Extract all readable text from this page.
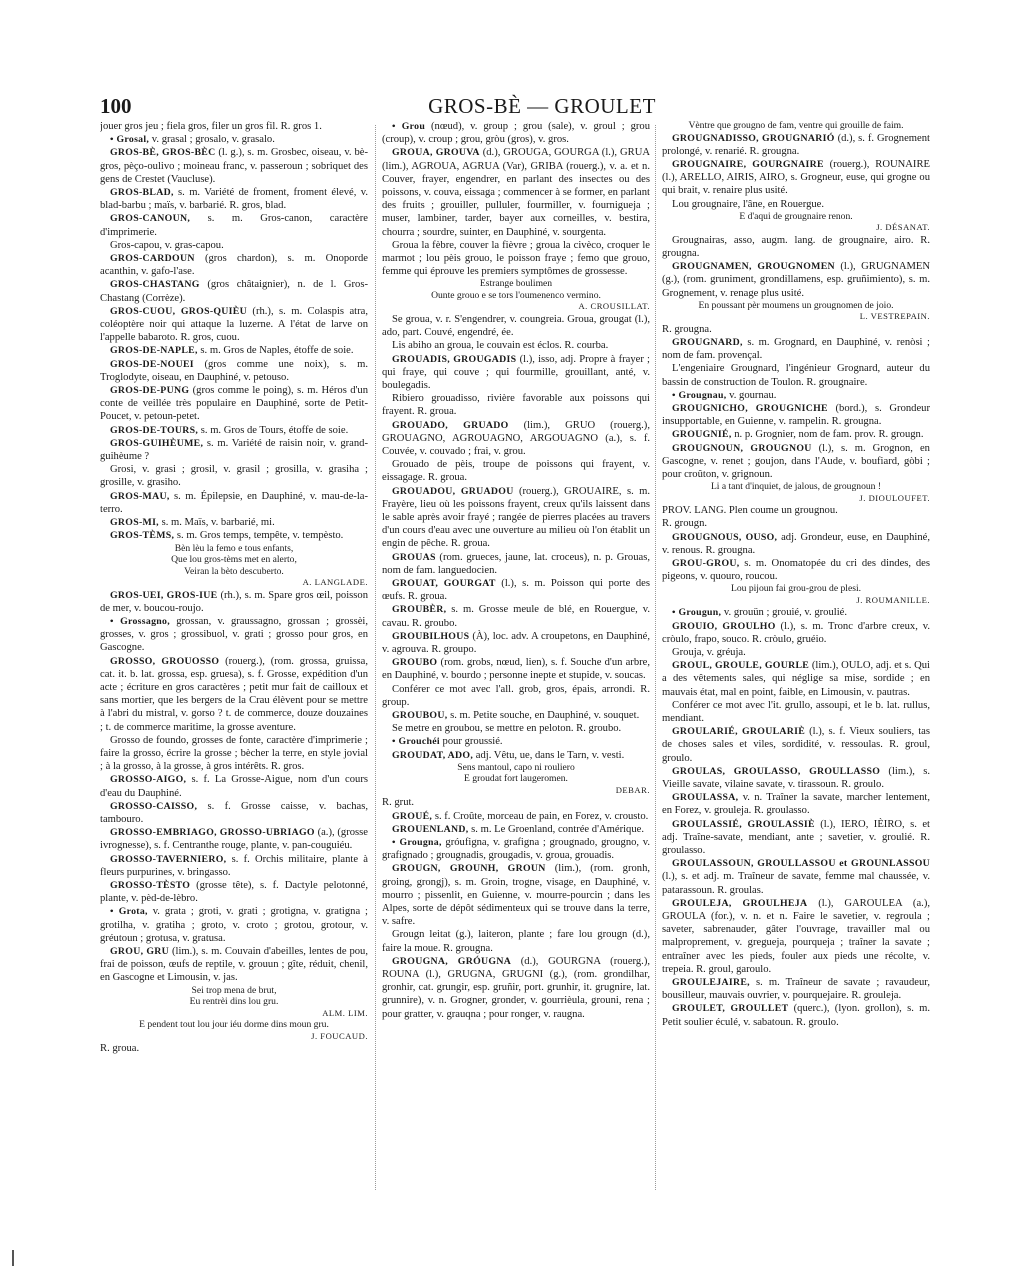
100	GROS-BÈ — GROULET

jouer gros jeu ; fiela gros, filer un gros fil. R. gros 1.

• Grosal, v. grasal ; grosalo, v. grasalo.

GROS-BÈ, GROS-BÈC (l. g.), s. m. Grosbec, oiseau, v. bè-gros, pèço-oulivo ; moineau franc, v. passeroun ; sobriquet des gens de Crestet (Vaucluse).

GROS-BLAD, s. m. Variété de froment, froment élevé, v. blad-barbu ; maïs, v. barbarié. R. gros, blad.

GROS-CANOUN, s. m. Gros-canon, caractère d'imprimerie.

Gros-capou, v. gras-capou.

GROS-CARDOUN (gros chardon), s. m. Onoporde acanthin, v. gafo-l'ase.

GROS-CHASTANG (gros châtaignier), n. de l. Gros-Chastang (Corrèze).

GROS-CUOU, GROS-QUIÈU (rh.), s. m. Colaspis atra, coléoptère noir qui attaque la luzerne. A l'état de larve on l'appelle babaroto. R. gros, cuou.

GROS-DE-NAPLE, s. m. Gros de Naples, étoffe de soie.

GROS-DE-NOUEI (gros comme une noix), s. m. Troglodyte, oiseau, en Dauphiné, v. petouso.

GROS-DE-PUNG (gros comme le poing), s. m. Héros d'un conte de veillée très populaire en Dauphiné, sorte de Petit-Poucet, v. petoun-petet.

GROS-DE-TOURS, s. m. Gros de Tours, étoffe de soie.

GROS-GUIHÈUME, s. m. Variété de raisin noir, v. grand-guihèume ?

Grosi, v. grasi ; grosil, v. grasil ; grosilla, v. grasiha ; grosille, v. grasiho.

GROS-MAU, s. m. Épilepsie, en Dauphiné, v. mau-de-la-terro.

GROS-MI, s. m. Maïs, v. barbarié, mi.

GROS-TÈMS, s. m. Gros temps, tempête, v. tempèsto.

Bèn lèu la femo e tous enfants,

Que lou gros-tèms met en alerto,

Veiran la bèto descuberto.

A. LANGLADE.

GROS-UEI, GROS-IUE (rh.), s. m. Spare gros œil, poisson de mer, v. boucou-roujo.

• Grossagno, grossan, v. graussagno, grossan ; grossèi, grosses, v. gros ; grossibuol, v. grati ; grosso pour gros, en Gascogne.

GROSSO, GROUOSSO (rouerg.), (rom. grossa, gruissa, cat. it. b. lat. grossa, esp. gruesa), s. f. Grosse, expédition d'un acte ; écriture en gros caractères ; petit mur fait de cailloux et sans mortier, que les bergers de la Crau élèvent pour se mettre à l'abri du mistral, v. gorso ? t. de commerce, douze douzaines ; t. de commerce maritime, la grosse aventure.

Grosso de foundo, grosses de fonte, caractère d'imprimerie ; faire la grosso, écrire la grosse ; bècher la terre, en style jovial ; à la grosso, à la grosse, à gros intérêts. R. gros.

GROSSO-AIGO, s. f. La Grosse-Aigue, nom d'un cours d'eau du Dauphiné.

GROSSO-CAISSO, s. f. Grosse caisse, v. bachas, tambouro.

GROSSO-EMBRIAGO, GROSSO-UBRIAGO (a.), (grosse ivrognesse), s. f. Centranthe rouge, plante, v. pan-couguiéu.

GROSSO-TAVERNIERO, s. f. Orchis militaire, plante à fleurs purpurines, v. bringasso.

GROSSO-TÈSTO (grosse tête), s. f. Dactyle pelotonné, plante, v. pèd-de-lèbro.

• Grota, v. grata ; groti, v. grati ; grotigna, v. gratigna ; grotilha, v. gratiha ; groto, v. croto ; grotou, grotour, v. gréutoun ; grotusa, v. gratusa.

GROU, GRU (lim.), s. m. Couvain d'abeilles, lentes de pou, frai de poisson, œufs de reptile, v. grouun ; gîte, réduit, chenil, en Gascogne et Limousin, v. jas.

Sei trop mena de brut,

Eu rentrèi dins lou gru.

ALM. LIM.

E pendent tout lou jour iéu dorme dins moun gru.

J. FOUCAUD.

R. groua.

• Grou (nœud), v. group ; grou (sale), v. groul ; grou (croup), v. croup ; grou, gròu (gros), v. gros.

GROUA, GROUVA (d.), GROUGA, GOURGA (l.), GRUA (lim.), AGROUA, AGRUA (Var), GRIBA (rouerg.), v. a. et n. Couver, frayer, engendrer, en parlant des insectes ou des poissons, v. couva, eissaga ; commencer à se former, en parlant des fruits ; grouiller, pulluler, fourmiller, v. fournigueja ; muser, lambiner, tarder, bayer aux corneilles, v. bestira, chourra ; sourdre, suinter, en Dauphiné, v. sourgenta.

Groua la fèbre, couver la fièvre ; groua la civèco, croquer le marmot ; lou pèis grouo, le poisson fraye ; femo que grouo, femme qui éprouve les premiers symptômes de grossesse.

Estrange boulimen

Ounte grouo e se tors l'oumenenco vermino.

A. CROUSILLAT.

Se groua, v. r. S'engendrer, v. coungreia. Groua, grougat (l.), ado, part. Couvé, engendré, ée.

Lis abiho an groua, le couvain est éclos. R. courba.

GROUADIS, GROUGADIS (l.), isso, adj. Propre à frayer ; qui fraye, qui couve ; qui fourmille, grouillant, anté, v. boulegadis.

Ribiero grouadisso, rivière favorable aux poissons qui frayent. R. groua.

GROUADO, GRUADO (lim.), GRUO (rouerg.), GROUAGNO, AGROUAGNO, ARGOUAGNO (a.), s. f. Couvée, v. couvado ; frai, v. grou.

Grouado de pèis, troupe de poissons qui frayent, v. eissagage. R. groua.

GROUADOU, GRUADOU (rouerg.), GROUAIRE, s. m. Frayère, lieu où les poissons frayent, creux qu'ils laissent dans le sable après avoir frayé ; rangée de pierres placées au travers d'un cours d'eau avec une ouverture au milieu où l'on établit un engin de pêche. R. groua.

GROUAS (rom. grueces, jaune, lat. croceus), n. p. Grouas, nom de fam. languedocien.

GROUAT, GOURGAT (l.), s. m. Poisson qui porte des œufs. R. groua.

GROUBÈR, s. m. Grosse meule de blé, en Rouergue, v. cavau. R. groubo.

GROUBILHOUS (À), loc. adv. A croupetons, en Dauphiné, v. agrouva. R. groupo.

GROUBO (rom. grobs, nœud, lien), s. f. Souche d'un arbre, en Dauphiné, v. bourdo ; personne inepte et stupide, v. soucas.

Conférer ce mot avec l'all. grob, gros, épais, arrondi. R. group.

GROUBOU, s. m. Petite souche, en Dauphiné, v. souquet.

Se metre en groubou, se mettre en peloton. R. groubo.

• Grouchéi pour groussié.

GROUDAT, ADO, adj. Vêtu, ue, dans le Tarn, v. vesti.

Sens mantoul, capo ni rouliero

E groudat fort laugeromen.

DEBAR.

R. grut.

GROUÉ, s. f. Croûte, morceau de pain, en Forez, v. crousto.

GROUENLAND, s. m. Le Groenland, contrée d'Amérique.

• Grougna, gróufigna, v. grafigna ; grougnado, grougno, v. grafignado ; grougnadis, grougadis, v. groua, grouadis.

GROUGN, GROUNH, GROUN (lim.), (rom. gronh, groing, grongj), s. m. Groin, trogne, visage, en Dauphiné, v. mourro ; pissenlit, en Guienne, v. mourre-pourcin ; dans les Alpes, sorte de dépôt sédimenteux qui se trouve dans la terre, v. safre.

Grougn leitat (g.), laiteron, plante ; fare lou grougn (d.), faire la moue. R. grougna.

GROUGNA, GRÓUGNA (d.), GOURGNA (rouerg.), ROUNA (l.), GRUGNA, GRUGNI (g.), (rom. grondilhar, gronhir, cat. grungir, esp. gruñir, port. grunhir, it. grugnire, lat. grunnire), v. n. Grogner, gronder, v. gourrièula, grouni, rena ; pour gratter, v. grauqna ; pour ronger, v. raugna.

Vèntre que grougno de fam, ventre qui grouille de faim.

GROUGNADISSO, GROUGNARIÓ (d.), s. f. Grognement prolongé, v. renarié. R. grougna.

GROUGNAIRE, GOURGNAIRE (rouerg.), ROUNAIRE (l.), ARELLO, AIRIS, AIRO, s. Grogneur, euse, qui grogne ou qui brait, v. renaire plus usité.

Lou grougnaire, l'âne, en Rouergue.

E d'aqui de grougnaire renon.

J. DÉSANAT.

Grougnairas, asso, augm. lang. de grougnaire, airo. R. grougna.

GROUGNAMEN, GROUGNOMEN (l.), GRUGNAMEN (g.), (rom. gruniment, grondillamens, esp. gruñimiento), s. m. Grognement, v. renage plus usité.

En poussant pèr moumens un grougnomen de joio.

L. VESTREPAIN.

R. grougna.

GROUGNARD, s. m. Grognard, en Dauphiné, v. renòsi ; nom de fam. provençal.

L'engeniaire Grougnard, l'ingénieur Grognard, auteur du bassin de construction de Toulon. R. grougnaire.

• Grougnau, v. gournau.

GROUGNICHO, GROUGNICHE (bord.), s. Grondeur insupportable, en Guienne, v. rampelin. R. grougna.

GROUGNIÉ, n. p. Grognier, nom de fam. prov. R. grougn.

GROUGNOUN, GROUGNOU (l.), s. m. Grognon, en Gascogne, v. renet ; goujon, dans l'Aude, v. boufiard, gòbi ; pour croûton, v. grignoun.

Li a tant d'inquiet, de jalous, de grougnoun !

J. DIOULOUFET.

PROV. LANG. Plen coume un grougnou.

R. grougn.

GROUGNOUS, OUSO, adj. Grondeur, euse, en Dauphiné, v. renous. R. grougna.

GROU-GROU, s. m. Onomatopée du cri des dindes, des pigeons, v. quouro, roucou.

Lou pijoun fai grou-grou de plesi.

J. ROUMANILLE.

• Grougun, v. grouün ; grouié, v. groulié.

GROUIO, GROULHO (l.), s. m. Tronc d'arbre creux, v. cròulo, frapo, souco. R. cròulo, gruéio.

Grouja, v. gréuja.

GROUL, GROULE, GOURLE (lim.), OULO, adj. et s. Qui a des vêtements sales, qui néglige sa mise, sordide ; en mauvais état, mal en point, faible, en Limousin, v. pautras.

Conférer ce mot avec l'it. grullo, assoupi, et le b. lat. rullus, mendiant.

GROULARIÉ, GROULARIÈ (l.), s. f. Vieux souliers, tas de choses sales et viles, sordidité, v. ressoulas. R. groul, groulo.

GROULAS, GROULASSO, GROULLASSO (lim.), s. Vieille savate, vilaine savate, v. tirassoun. R. groulo.

GROULASSA, v. n. Traîner la savate, marcher lentement, en Forez, v. grouleja. R. groulasso.

GROULASSIÉ, GROULASSIÈ (l.), IERO, IÈIRO, s. et adj. Traîne-savate, mendiant, ante ; savetier, v. groulié. R. groulasso.

GROULASSOUN, GROULLASSOU et GROUNLASSOU (l.), s. et adj. m. Traîneur de savate, femme mal chaussée, v. patarassoun. R. groulas.

GROULEJA, GROULHEJA (l.), GAROULEA (a.), GROULA (for.), v. n. et n. Faire le savetier, v. regroula ; saveter, sabrenauder, gâter l'ouvrage, travailler mal ou malproprement, v. gregueja, pourqueja ; traîner la savate ; entraîner avec les pieds, fouler aux pieds une récolte, v. trepeia. R. groul, garoulo.

GROULEJAIRE, s. m. Traîneur de savate ; ravaudeur, bousilleur, mauvais ouvrier, v. pourquejaire. R. grouleja.

GROULET, GROULLET (querc.), (lyon. grollon), s. m. Petit soulier éculé, v. sabatoun. R. groulo.
